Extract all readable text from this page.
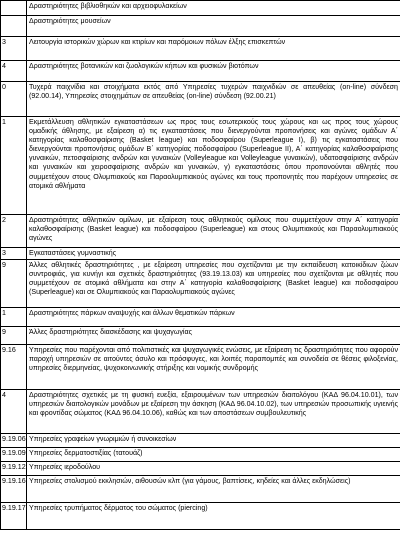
	Δραστηριότητες βιβλιοθηκών και αρχειοφυλακείων
	Δραστηριότητες μουσείων
3	Λειτουργία ιστορικών χώρων και κτιρίων και παρόμοιων πόλων έλξης επισκεπτών
4	Δραστηριότητες βοτανικών και ζωολογικών κήπων και φυσικών βιοτόπων
0	Τυχερά παιχνίδια και στοιχήματα εκτός από Υπηρεσίες τυχερών παιχνιδιών σε απευθείας (on-line) σύνδεση (92.00.14), Υπηρεσίες στοιχημάτων σε απευθείας (on-line) σύνδεση (92.00.21)
1	Εκμετάλλευση αθλητικών εγκαταστάσεων ως προς τους εσωτερικούς τους χώρους και ως προς τους χώρους ομαδικής άθλησης, με εξαίρεση α) τις εγκαταστάσεις που διενεργούνται προπονήσεις και αγώνες ομάδων Α΄ κατηγορίας καλαθοσφαίρισης (Basket league) και ποδοσφαίρου (Superleague I), β) τις εγκαταστάσεις που διενεργούνται προπονήσεις ομάδων Β΄ κατηγορίας ποδοσφαίρου (Superleague II), Α΄ κατηγορίας καλαθοσφαίρισης γυναικών, πετοσφαίρισης ανδρών και γυναικών (Volleyleague και Volleyleague γυναικών), υδατοσφαίρισης ανδρών και γυναικών και χειροσφαίρισης ανδρών και γυναικών, γ) εγκαταστάσεις όπου προπονούνται αθλητές που συμμετέχουν στους Ολυμπιακούς και Παραολυμπιακούς αγώνες και τους προπονητές που παρέχουν υπηρεσίες σε ατομικά αθλήματα
2	Δραστηριότητες αθλητικών ομίλων, με εξαίρεση τους αθλητικούς ομίλους που συμμετέχουν στην Α΄ κατηγορία καλαθοσφαίρισης (Basket league) και ποδοσφαίρου (Superleague) και στους Ολυμπιακούς και Παραολυμπιακούς αγώνες
3	Εγκαταστάσεις γυμναστικής
9	Άλλες αθλητικές δραστηριότητες , με εξαίρεση υπηρεσίες που σχετίζονται με την εκπαίδευση κατοικίδιων ζώων συντροφιάς, για κυνήγι και σχετικές δραστηριότητες (93.19.13.03) και υπηρεσίες που σχετίζονται με αθλητές που συμμετέχουν σε ατομικά αθλήματα και στην Α΄ κατηγορία καλαθοσφαίρισης (Basket league) και ποδοσφαίρου (Superleague) και σε Ολυμπιακούς και Παραολυμπιακούς αγώνες
1	Δραστηριότητες πάρκων αναψυχής και άλλων θεματικών πάρκων
9	Άλλες δραστηριότητες διασκέδασης και ψυχαγωγίας
9.16	Υπηρεσίες που παρέχονται από πολιτιστικές και ψυχαγωγικές ενώσεις, με εξαίρεση τις δραστηριότητες που αφορούν παροχή υπηρεσιών σε αιτούντες άσυλο και πρόσφυγες, και λοιπές παραπομπές και συνοδεία σε θέσεις φιλοξενίας, υπηρεσίες διερμηνείας, ψυχοκοινωνικής στήριξης και νομικής συνδρομής
4	Δραστηριότητες σχετικές με τη φυσική ευεξία, εξαιρουμένων των υπηρεσιών διαιτολόγου (ΚΑΔ 96.04.10.01), των υπηρεσιών διαιτολογικών μονάδων με εξαίρεση την άσκηση (ΚΑΔ 96.04.10.02), των υπηρεσιών προσωπικής υγιεινής και φροντίδας σώματος (ΚΑΔ 96.04.10.06), καθώς και των αποστάσεων συμβουλευτικής
9.19.06	Υπηρεσίες γραφείων γνωριμιών ή συνοικεσίων
9.19.09	Υπηρεσίες δερματοστιξίας (τατουάζ)
9.19.12	Υπηρεσίες ιεροδούλου
9.19.16	Υπηρεσίες στολισμού εκκλησιών, αιθουσών κλπ (για γάμους, βαπτίσεις, κηδείες και άλλες εκδηλώσεις)
9.19.17	Υπηρεσίες τρυπήματος δέρματος του σώματος (piercing)
